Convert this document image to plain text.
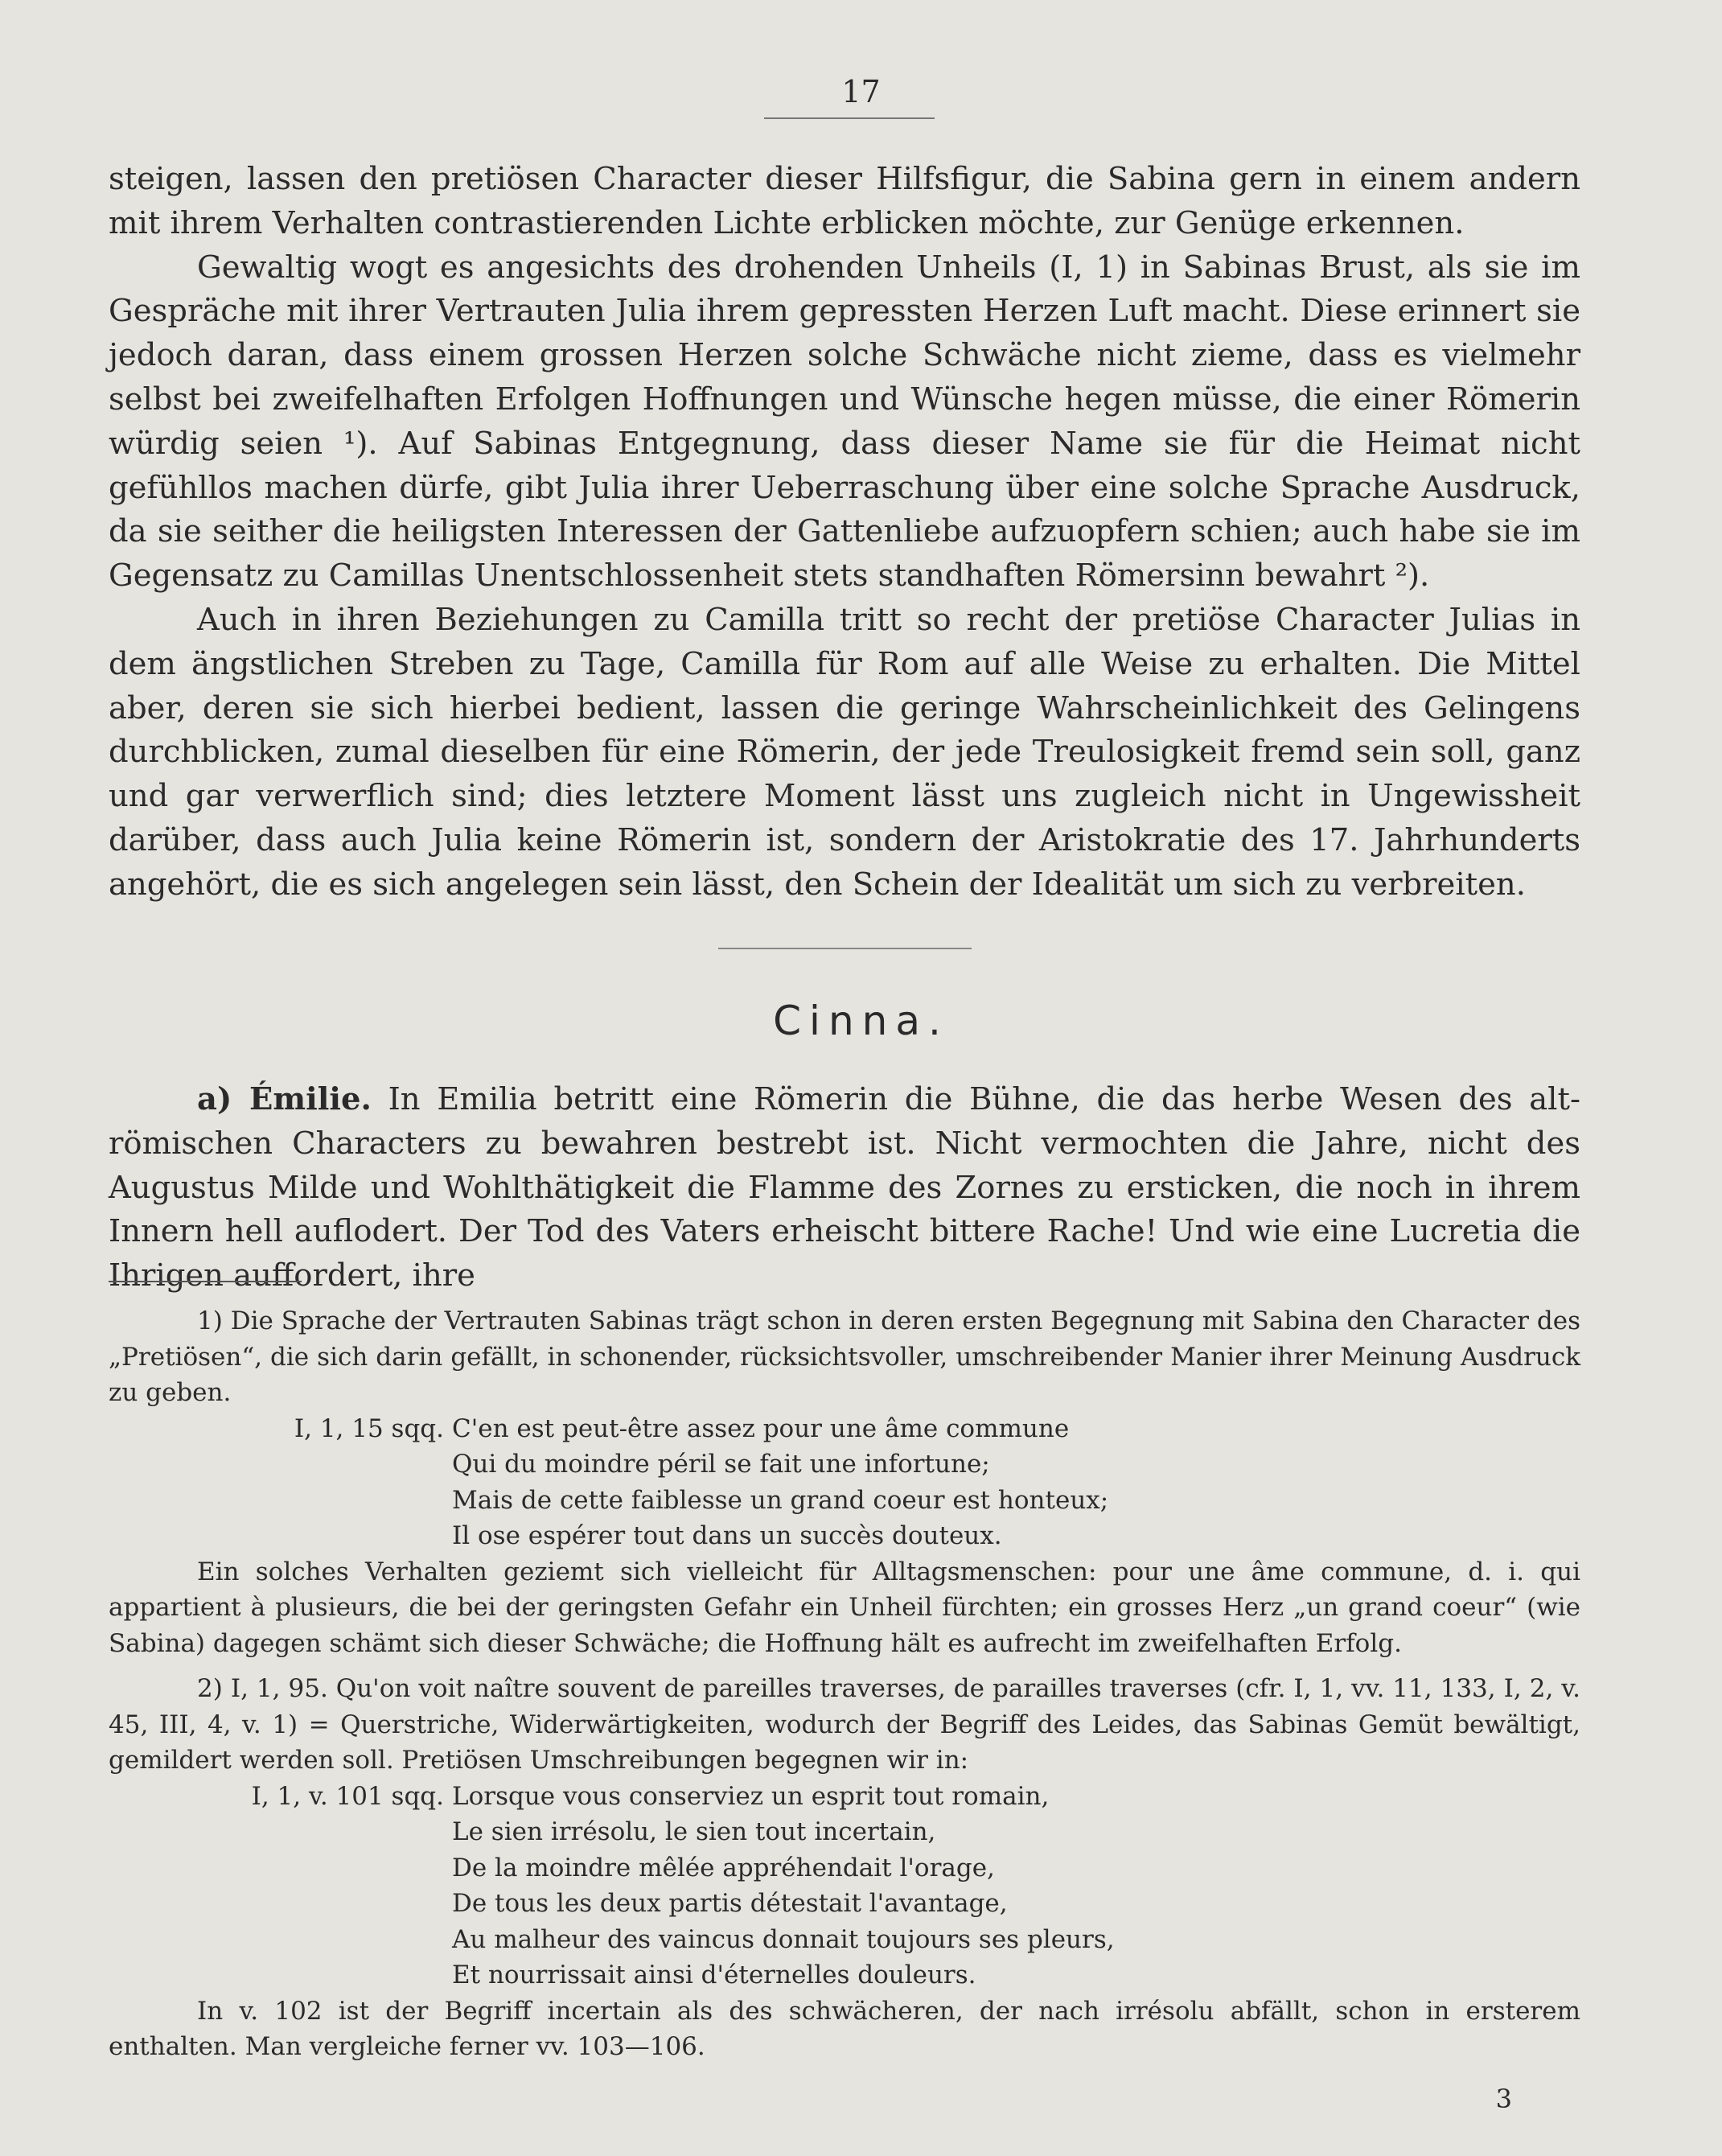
17

steigen, lassen den pretiösen Character dieser Hilfsfigur, die Sabina gern in einem andern mit ihrem Verhalten contrastierenden Lichte erblicken möchte, zur Genüge erkennen.

Gewaltig wogt es angesichts des drohenden Unheils (I, 1) in Sabinas Brust, als sie im Gespräche mit ihrer Vertrauten Julia ihrem gepressten Herzen Luft macht. Diese erinnert sie jedoch daran, dass einem grossen Herzen solche Schwäche nicht zieme, dass es vielmehr selbst bei zweifelhaften Erfolgen Hoffnungen und Wünsche hegen müsse, die einer Römerin würdig seien ¹). Auf Sabinas Entgegnung, dass dieser Name sie für die Heimat nicht gefühllos machen dürfe, gibt Julia ihrer Ueberraschung über eine solche Sprache Ausdruck, da sie seither die heiligsten Interessen der Gattenliebe aufzuopfern schien; auch habe sie im Gegensatz zu Camillas Unentschlossenheit stets standhaften Römersinn bewahrt ²).

Auch in ihren Beziehungen zu Camilla tritt so recht der pretiöse Character Julias in dem ängstlichen Streben zu Tage, Camilla für Rom auf alle Weise zu erhalten. Die Mittel aber, deren sie sich hierbei bedient, lassen die geringe Wahrscheinlichkeit des Gelingens durchblicken, zumal dieselben für eine Römerin, der jede Treulosigkeit fremd sein soll, ganz und gar verwerflich sind; dies letztere Moment lässt uns zugleich nicht in Ungewissheit darüber, dass auch Julia keine Römerin ist, sondern der Aristokratie des 17. Jahrhunderts angehört, die es sich angelegen sein lässt, den Schein der Idealität um sich zu verbreiten.

Cinna.

a) Émilie. In Emilia betritt eine Römerin die Bühne, die das herbe Wesen des alt-römischen Characters zu bewahren bestrebt ist. Nicht vermochten die Jahre, nicht des Augustus Milde und Wohlthätigkeit die Flamme des Zornes zu ersticken, die noch in ihrem Innern hell auflodert. Der Tod des Vaters erheischt bittere Rache! Und wie eine Lucretia die Ihrigen auffordert, ihre

1) Die Sprache der Vertrauten Sabinas trägt schon in deren ersten Begegnung mit Sabina den Character des „Pretiösen“, die sich darin gefällt, in schonender, rücksichtsvoller, umschreibender Manier ihrer Meinung Ausdruck zu geben.

I, 1, 15 sqq. C'en est peut-être assez pour une âme commune
Qui du moindre péril se fait une infortune;
Mais de cette faiblesse un grand coeur est honteux;
Il ose espérer tout dans un succès douteux.

Ein solches Verhalten geziemt sich vielleicht für Alltagsmenschen: pour une âme commune, d. i. qui appartient à plusieurs, die bei der geringsten Gefahr ein Unheil fürchten; ein grosses Herz „un grand coeur“ (wie Sabina) dagegen schämt sich dieser Schwäche; die Hoffnung hält es aufrecht im zweifelhaften Erfolg.

2) I, 1, 95. Qu'on voit naître souvent de pareilles traverses, de parailles traverses (cfr. I, 1, vv. 11, 133, I, 2, v. 45, III, 4, v. 1) = Querstriche, Widerwärtigkeiten, wodurch der Begriff des Leides, das Sabinas Gemüt bewältigt, gemildert werden soll. Pretiösen Umschreibungen begegnen wir in:

I, 1, v. 101 sqq. Lorsque vous conserviez un esprit tout romain,
Le sien irrésolu, le sien tout incertain,
De la moindre mêlée appréhendait l'orage,
De tous les deux partis détestait l'avantage,
Au malheur des vaincus donnait toujours ses pleurs,
Et nourrissait ainsi d'éternelles douleurs.

In v. 102 ist der Begriff incertain als des schwächeren, der nach irrésolu abfällt, schon in ersterem enthalten. Man vergleiche ferner vv. 103—106.

3
